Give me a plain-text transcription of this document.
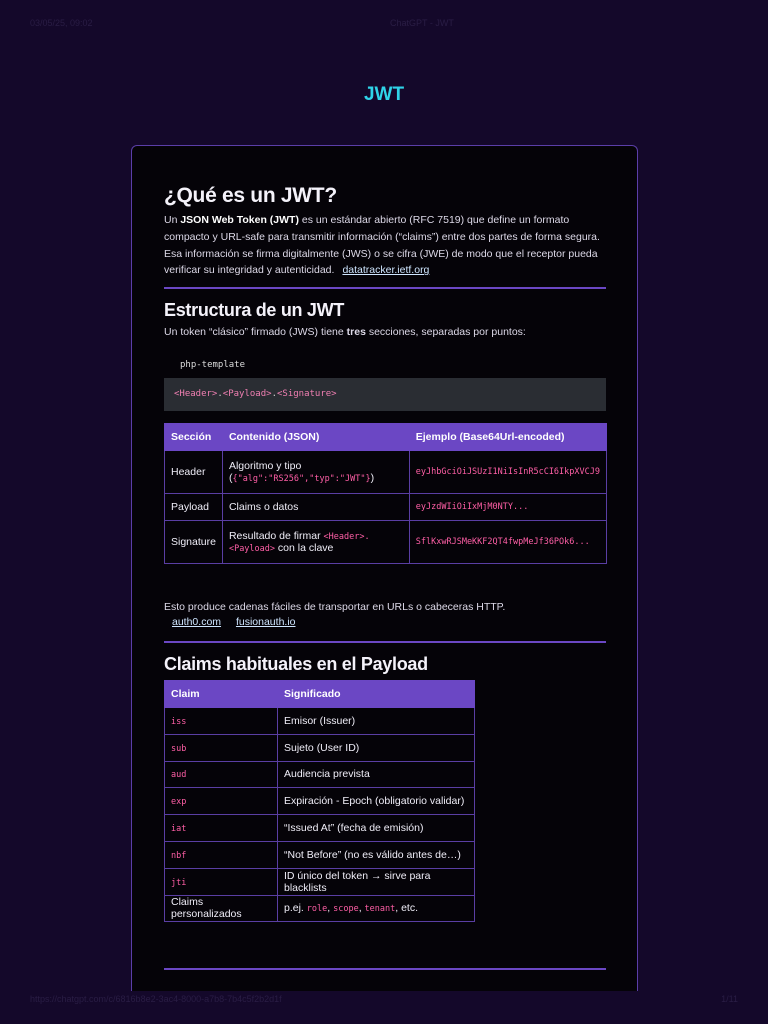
03/05/25, 09:02	ChatGPT - JWT
JWT
¿Qué es un JWT?

Un JSON Web Token (JWT) es un estándar abierto (RFC 7519) que define un formato compacto y URL-safe para transmitir información (“claims”) entre dos partes de forma segura. Esa información se firma digitalmente (JWS) o se cifra (JWE) de modo que el receptor pueda verificar su integridad y autenticidad. datatracker.ietf.org

Estructura de un JWT

Un token “clásico” firmado (JWS) tiene tres secciones, separadas por puntos:

php-template
<Header>.<Payload>.<Signature>
Sección	Contenido (JSON)	Ejemplo (Base64Url-encoded)
Header	Algoritmo y tipo ({"alg":"RS256","typ":"JWT"})	eyJhbGciOiJSUzI1NiIsInR5cCI6IkpXVCJ9
Payload	Claims o datos	eyJzdWIiOiIxMjM0NTY...
Signature	Resultado de firmar <Header>.
<Payload> con la clave	SflKxwRJSMeKKF2QT4fwpMeJf36POk6...

Esto produce cadenas fáciles de transportar en URLs o cabeceras HTTP.

auth0.com fusionauth.io
Claims habituales en el Payload
Claim	Significado
iss	Emisor (Issuer)
sub	Sujeto (User ID)
aud	Audiencia prevista
exp	Expiración - Epoch (obligatorio validar)
iat	“Issued At” (fecha de emisión)
nbf	“Not Before” (no es válido antes de…)
jti	ID único del token → sirve para blacklists
Claims personalizados	p.ej. role, scope, tenant, etc.
https://chatgpt.com/c/6816b8e2-3ac4-8000-a7b8-7b4c5f2b2d1f	1/11
